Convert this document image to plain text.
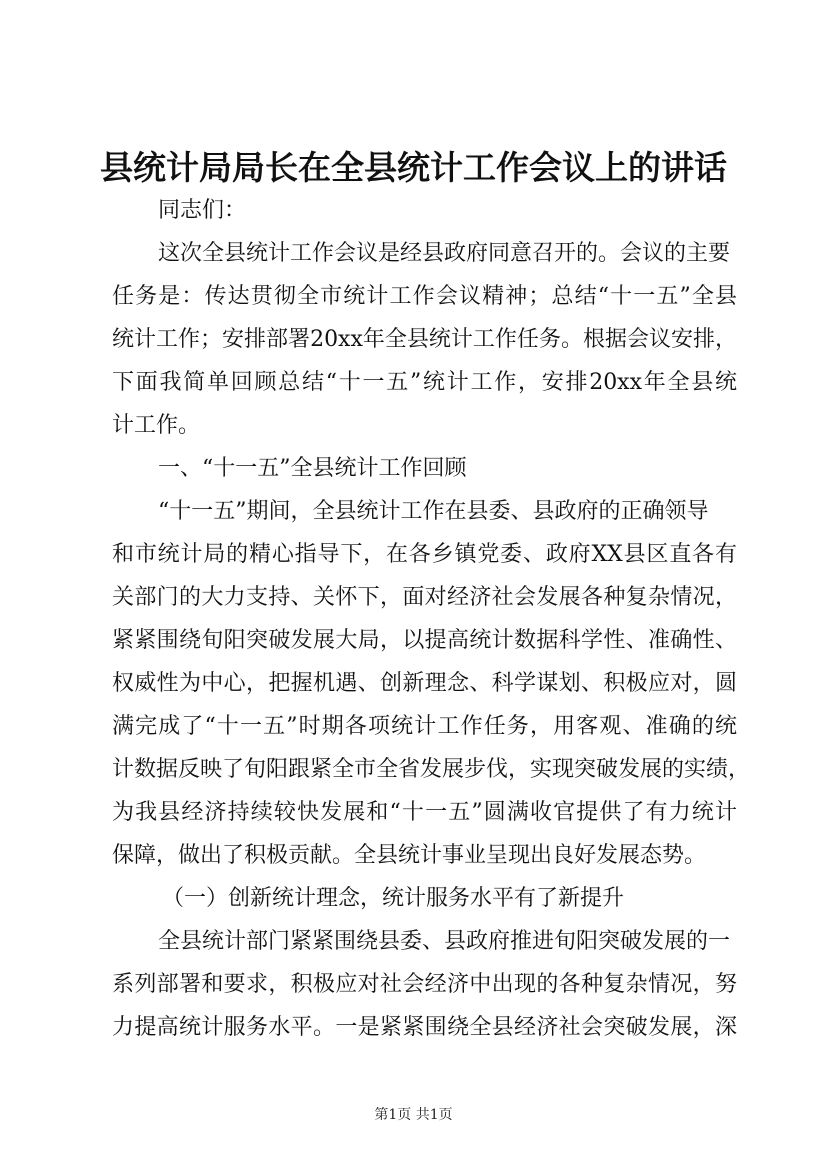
县统计局局长在全县统计工作会议上的讲话
同志们：
这次全县统计工作会议是经县政府同意召开的。会议的主要
任务是：传达贯彻全市统计工作会议精神；总结“十一五”全县
统计工作；安排部署20xx年全县统计工作任务。根据会议安排，
下面我简单回顾总结“十一五”统计工作，安排20xx年全县统
计工作。
一、“十一五”全县统计工作回顾
“十一五”期间，全县统计工作在县委、县政府的正确领导
和市统计局的精心指导下，在各乡镇党委、政府XX县区直各有
关部门的大力支持、关怀下，面对经济社会发展各种复杂情况，
紧紧围绕旬阳突破发展大局，以提高统计数据科学性、准确性、
权威性为中心，把握机遇、创新理念、科学谋划、积极应对，圆
满完成了“十一五”时期各项统计工作任务，用客观、准确的统
计数据反映了旬阳跟紧全市全省发展步伐，实现突破发展的实绩，
为我县经济持续较快发展和“十一五”圆满收官提供了有力统计
保障，做出了积极贡献。全县统计事业呈现出良好发展态势。
（一）创新统计理念，统计服务水平有了新提升
全县统计部门紧紧围绕县委、县政府推进旬阳突破发展的一
系列部署和要求，积极应对社会经济中出现的各种复杂情况，努
力提高统计服务水平。一是紧紧围绕全县经济社会突破发展，深
第1页 共1页
